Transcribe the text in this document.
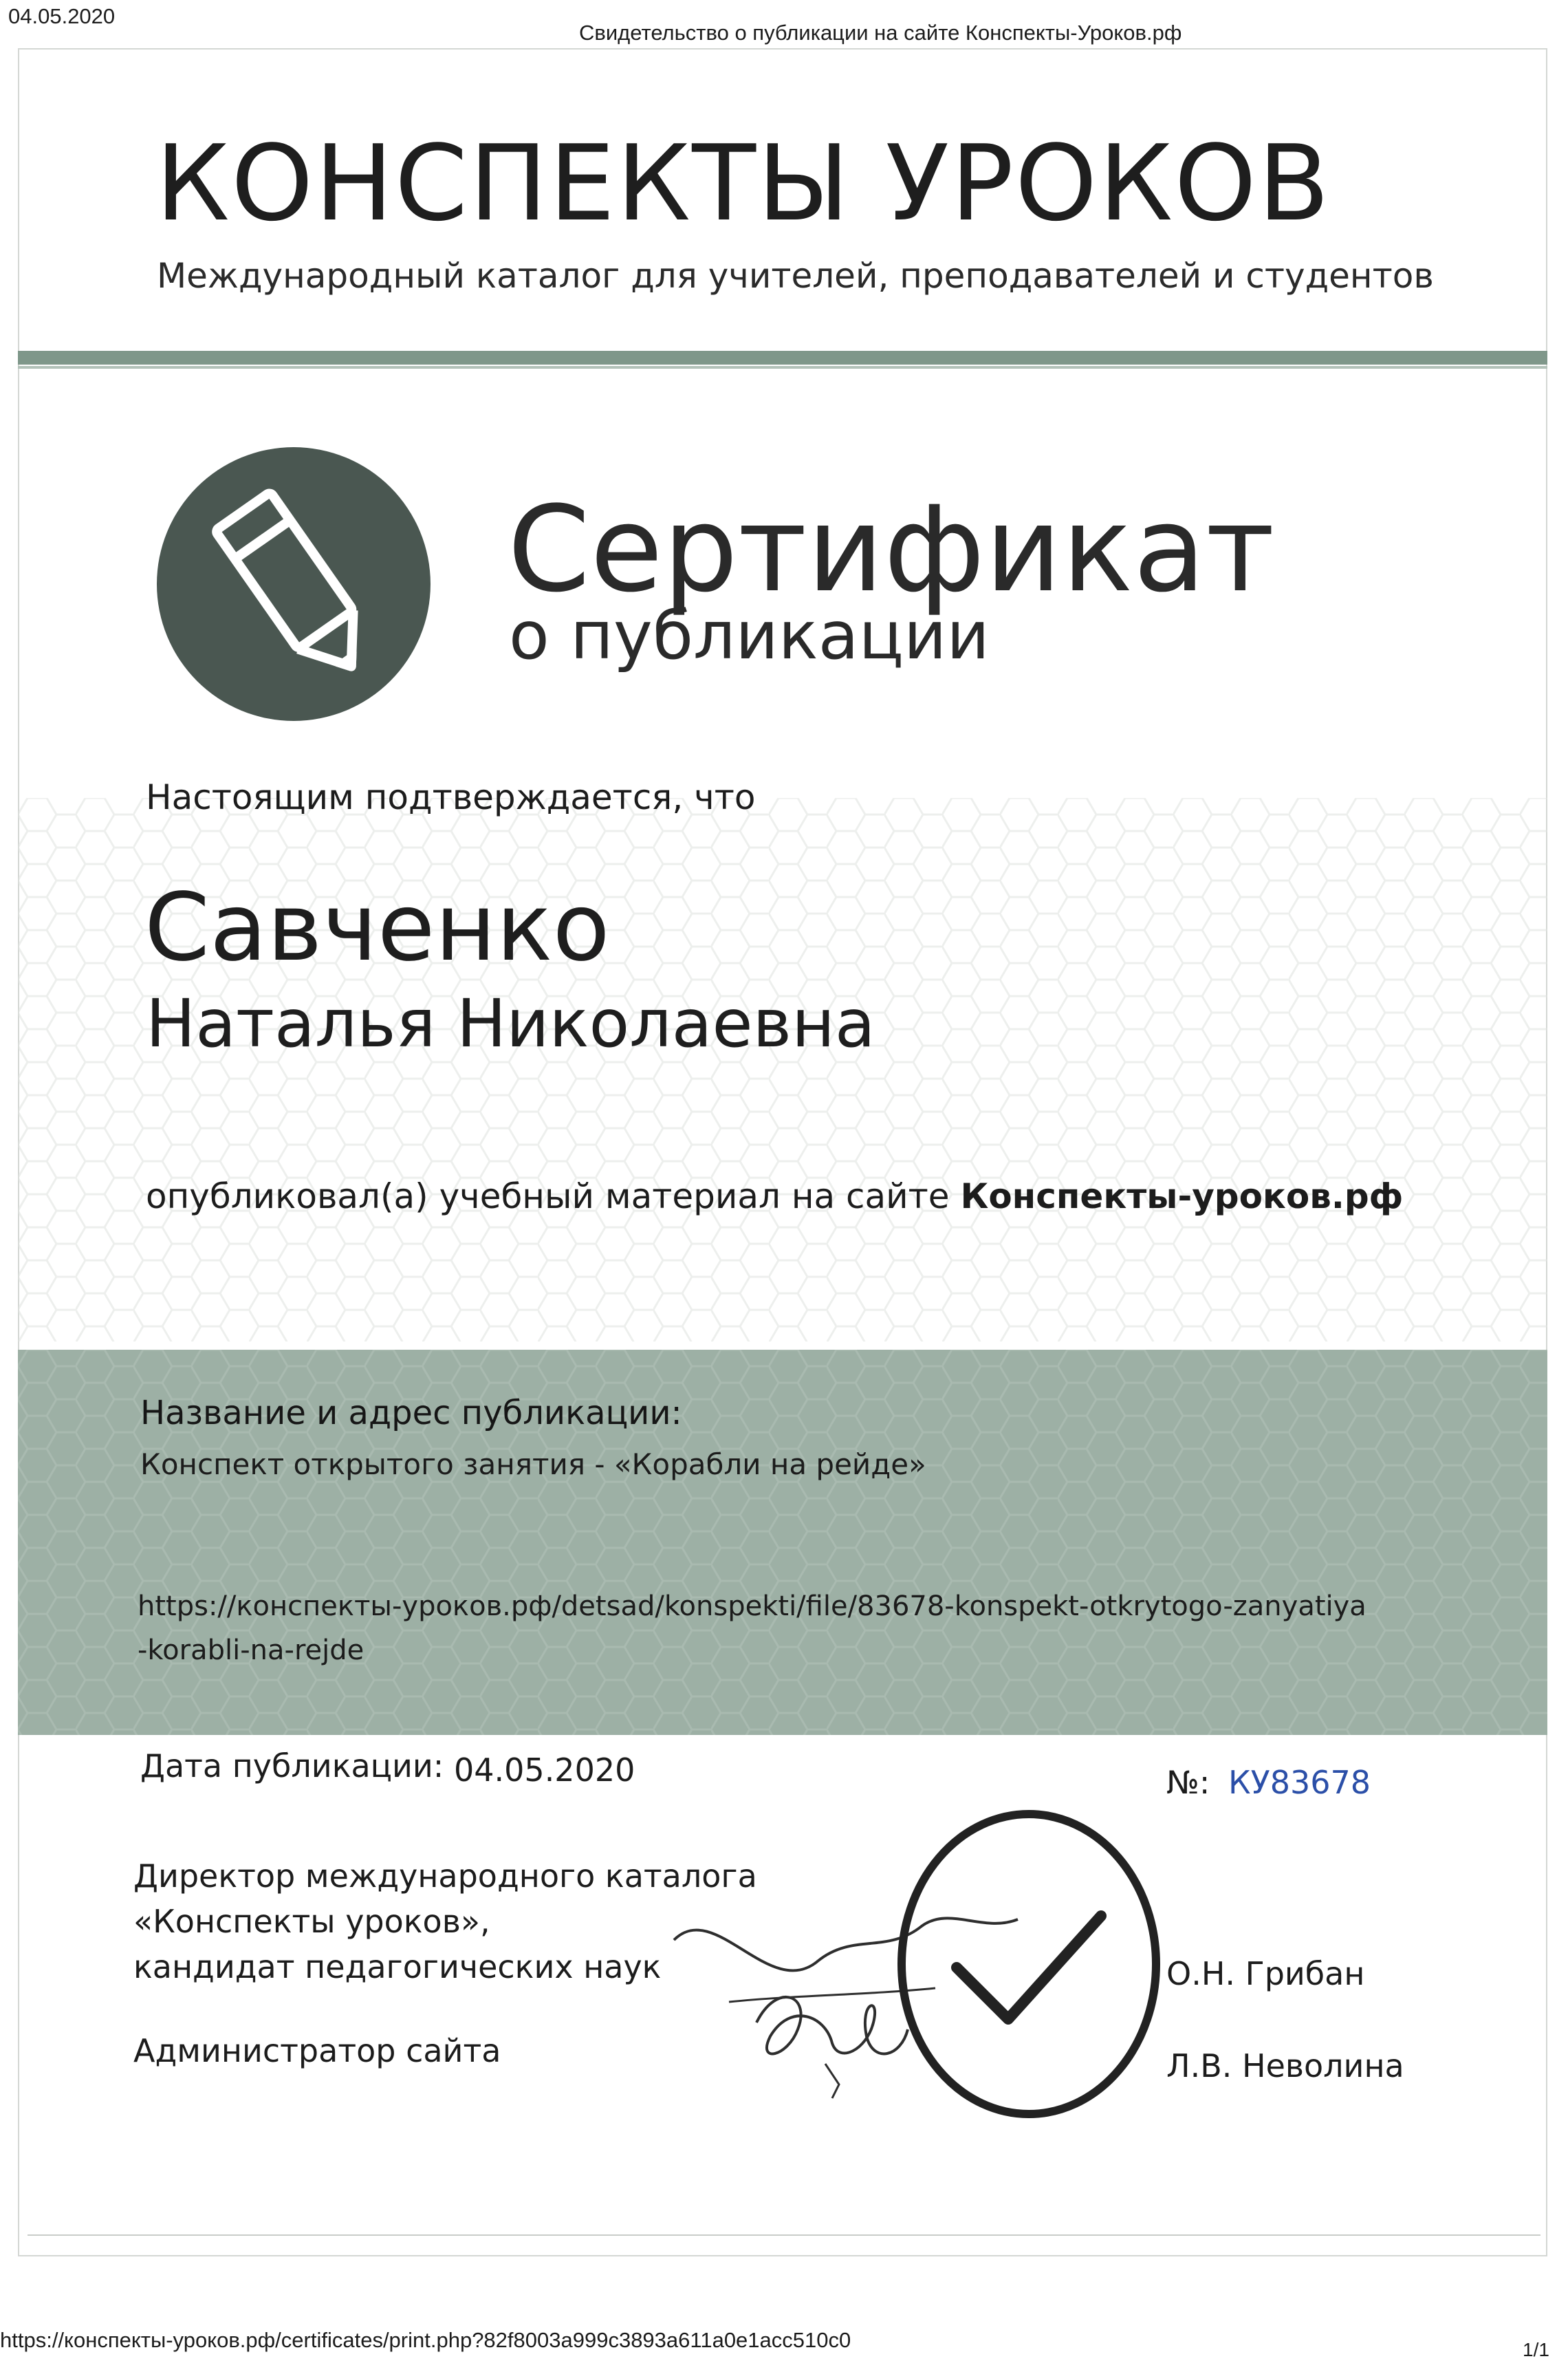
04.05.2020
Свидетельство о публикации на сайте Конспекты-Уроков.рф
КОНСПЕКТЫ УРОКОВ
Международный каталог для учителей, преподавателей и студентов
Сертификат
о публикации
Настоящим подтверждается, что
Савченко
Наталья Николаевна
опубликовал(а) учебный материал на сайте Конспекты-уроков.рф
Название и адрес публикации:
Конспект открытого занятия - «Корабли на рейде»
https://конспекты-уроков.рф/detsad/konspekti/file/83678-konspekt-otkrytogo-zanyatiya
-korabli-na-rejde
Дата публикации: 04.05.2020	№: КУ83678
Директор международного каталога
«Конспекты уроков»,
кандидат педагогических наук
Администратор сайта
О.Н. Грибан
Л.В. Неволина
https://конспекты-уроков.рф/certificates/print.php?82f8003a999c3893a611a0e1acc510c0	1/1
